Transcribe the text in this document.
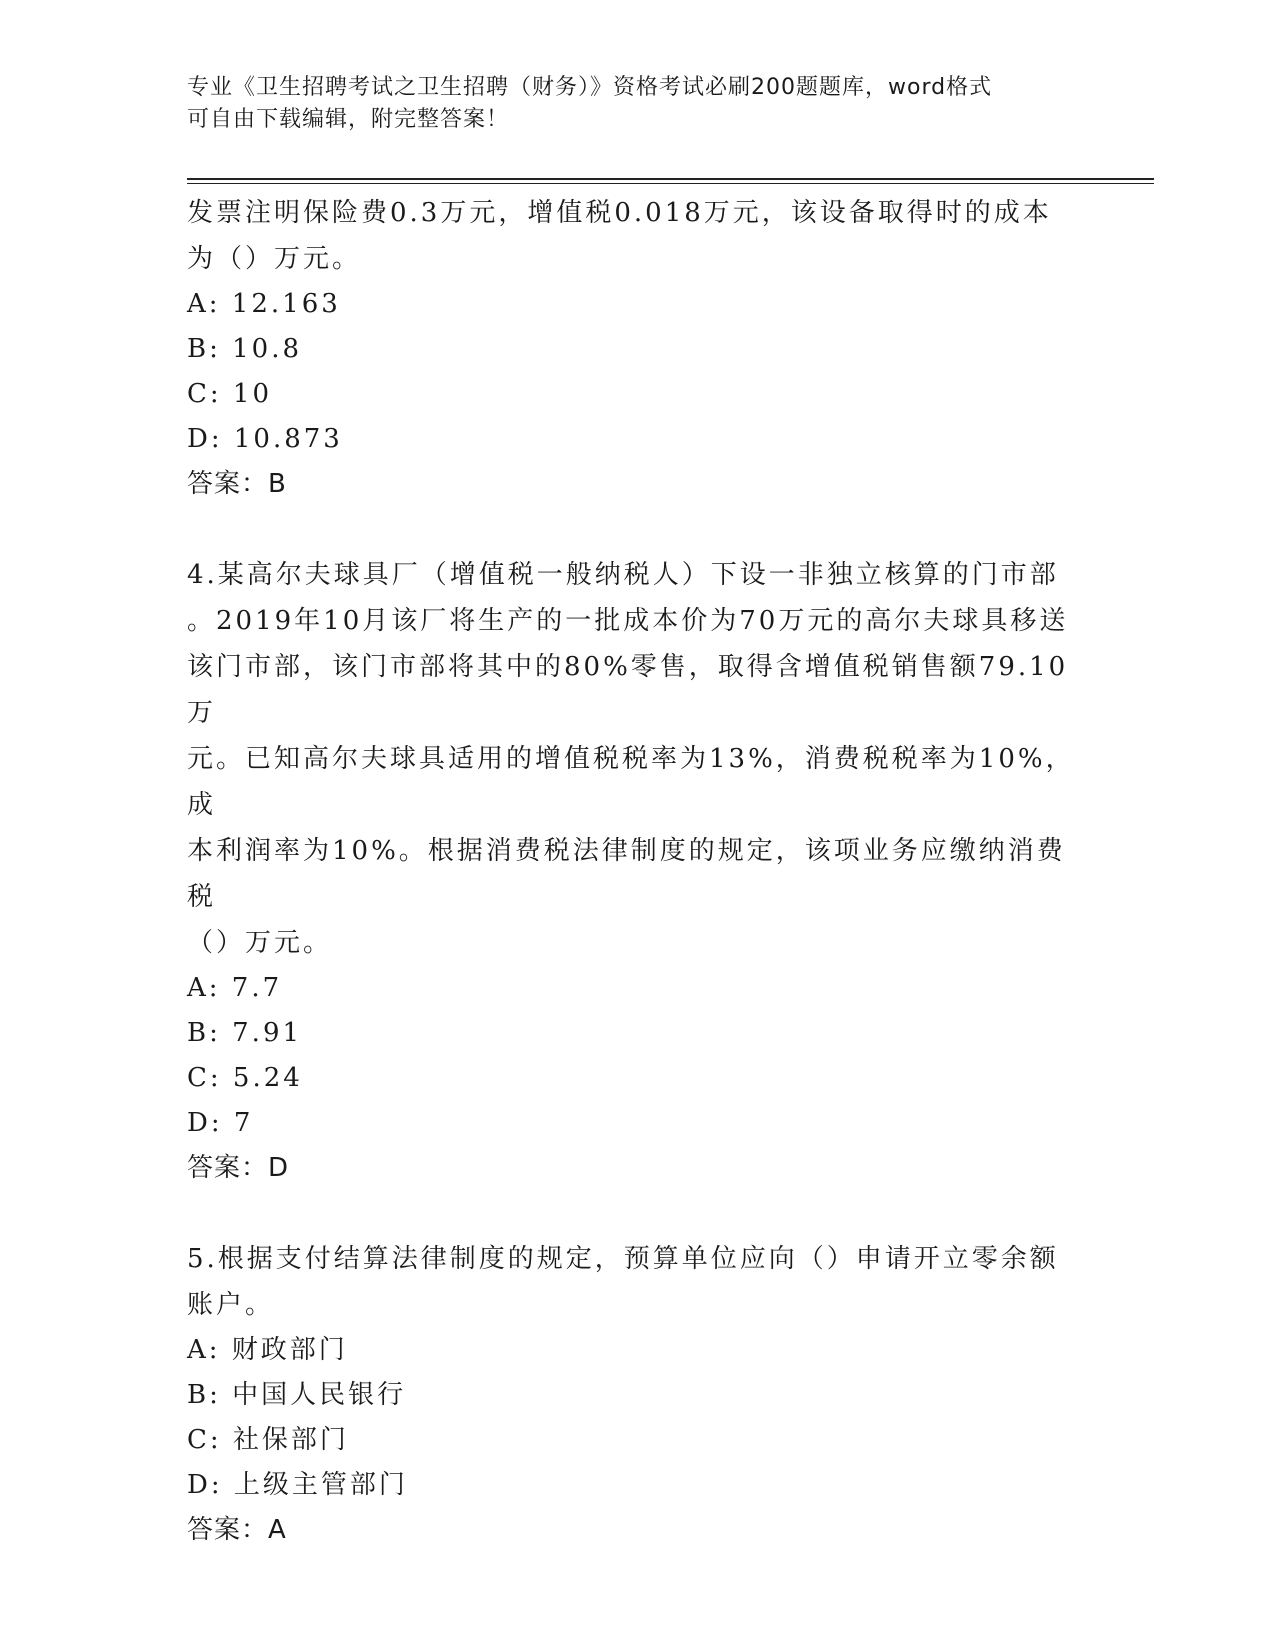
专业《卫生招聘考试之卫生招聘（财务）》资格考试必刷200题题库，word格式
可自由下载编辑，附完整答案！

发票注明保险费0.3万元，增值税0.018万元，该设备取得时的成本

为（）万元。

A: 12.163

B: 10.8

C: 10

D: 10.873

答案：B

4.某高尔夫球具厂（增值税一般纳税人）下设一非独立核算的门市部

。2019年10月该厂将生产的一批成本价为70万元的高尔夫球具移送

该门市部，该门市部将其中的80%零售，取得含增值税销售额79.10万

元。已知高尔夫球具适用的增值税税率为13%，消费税税率为10%，成

本利润率为10%。根据消费税法律制度的规定，该项业务应缴纳消费税

（）万元。

A: 7.7

B: 7.91

C: 5.24

D: 7

答案：D

5.根据支付结算法律制度的规定，预算单位应向（）申请开立零余额

账户。

A: 财政部门

B: 中国人民银行

C: 社保部门

D: 上级主管部门

答案：A
